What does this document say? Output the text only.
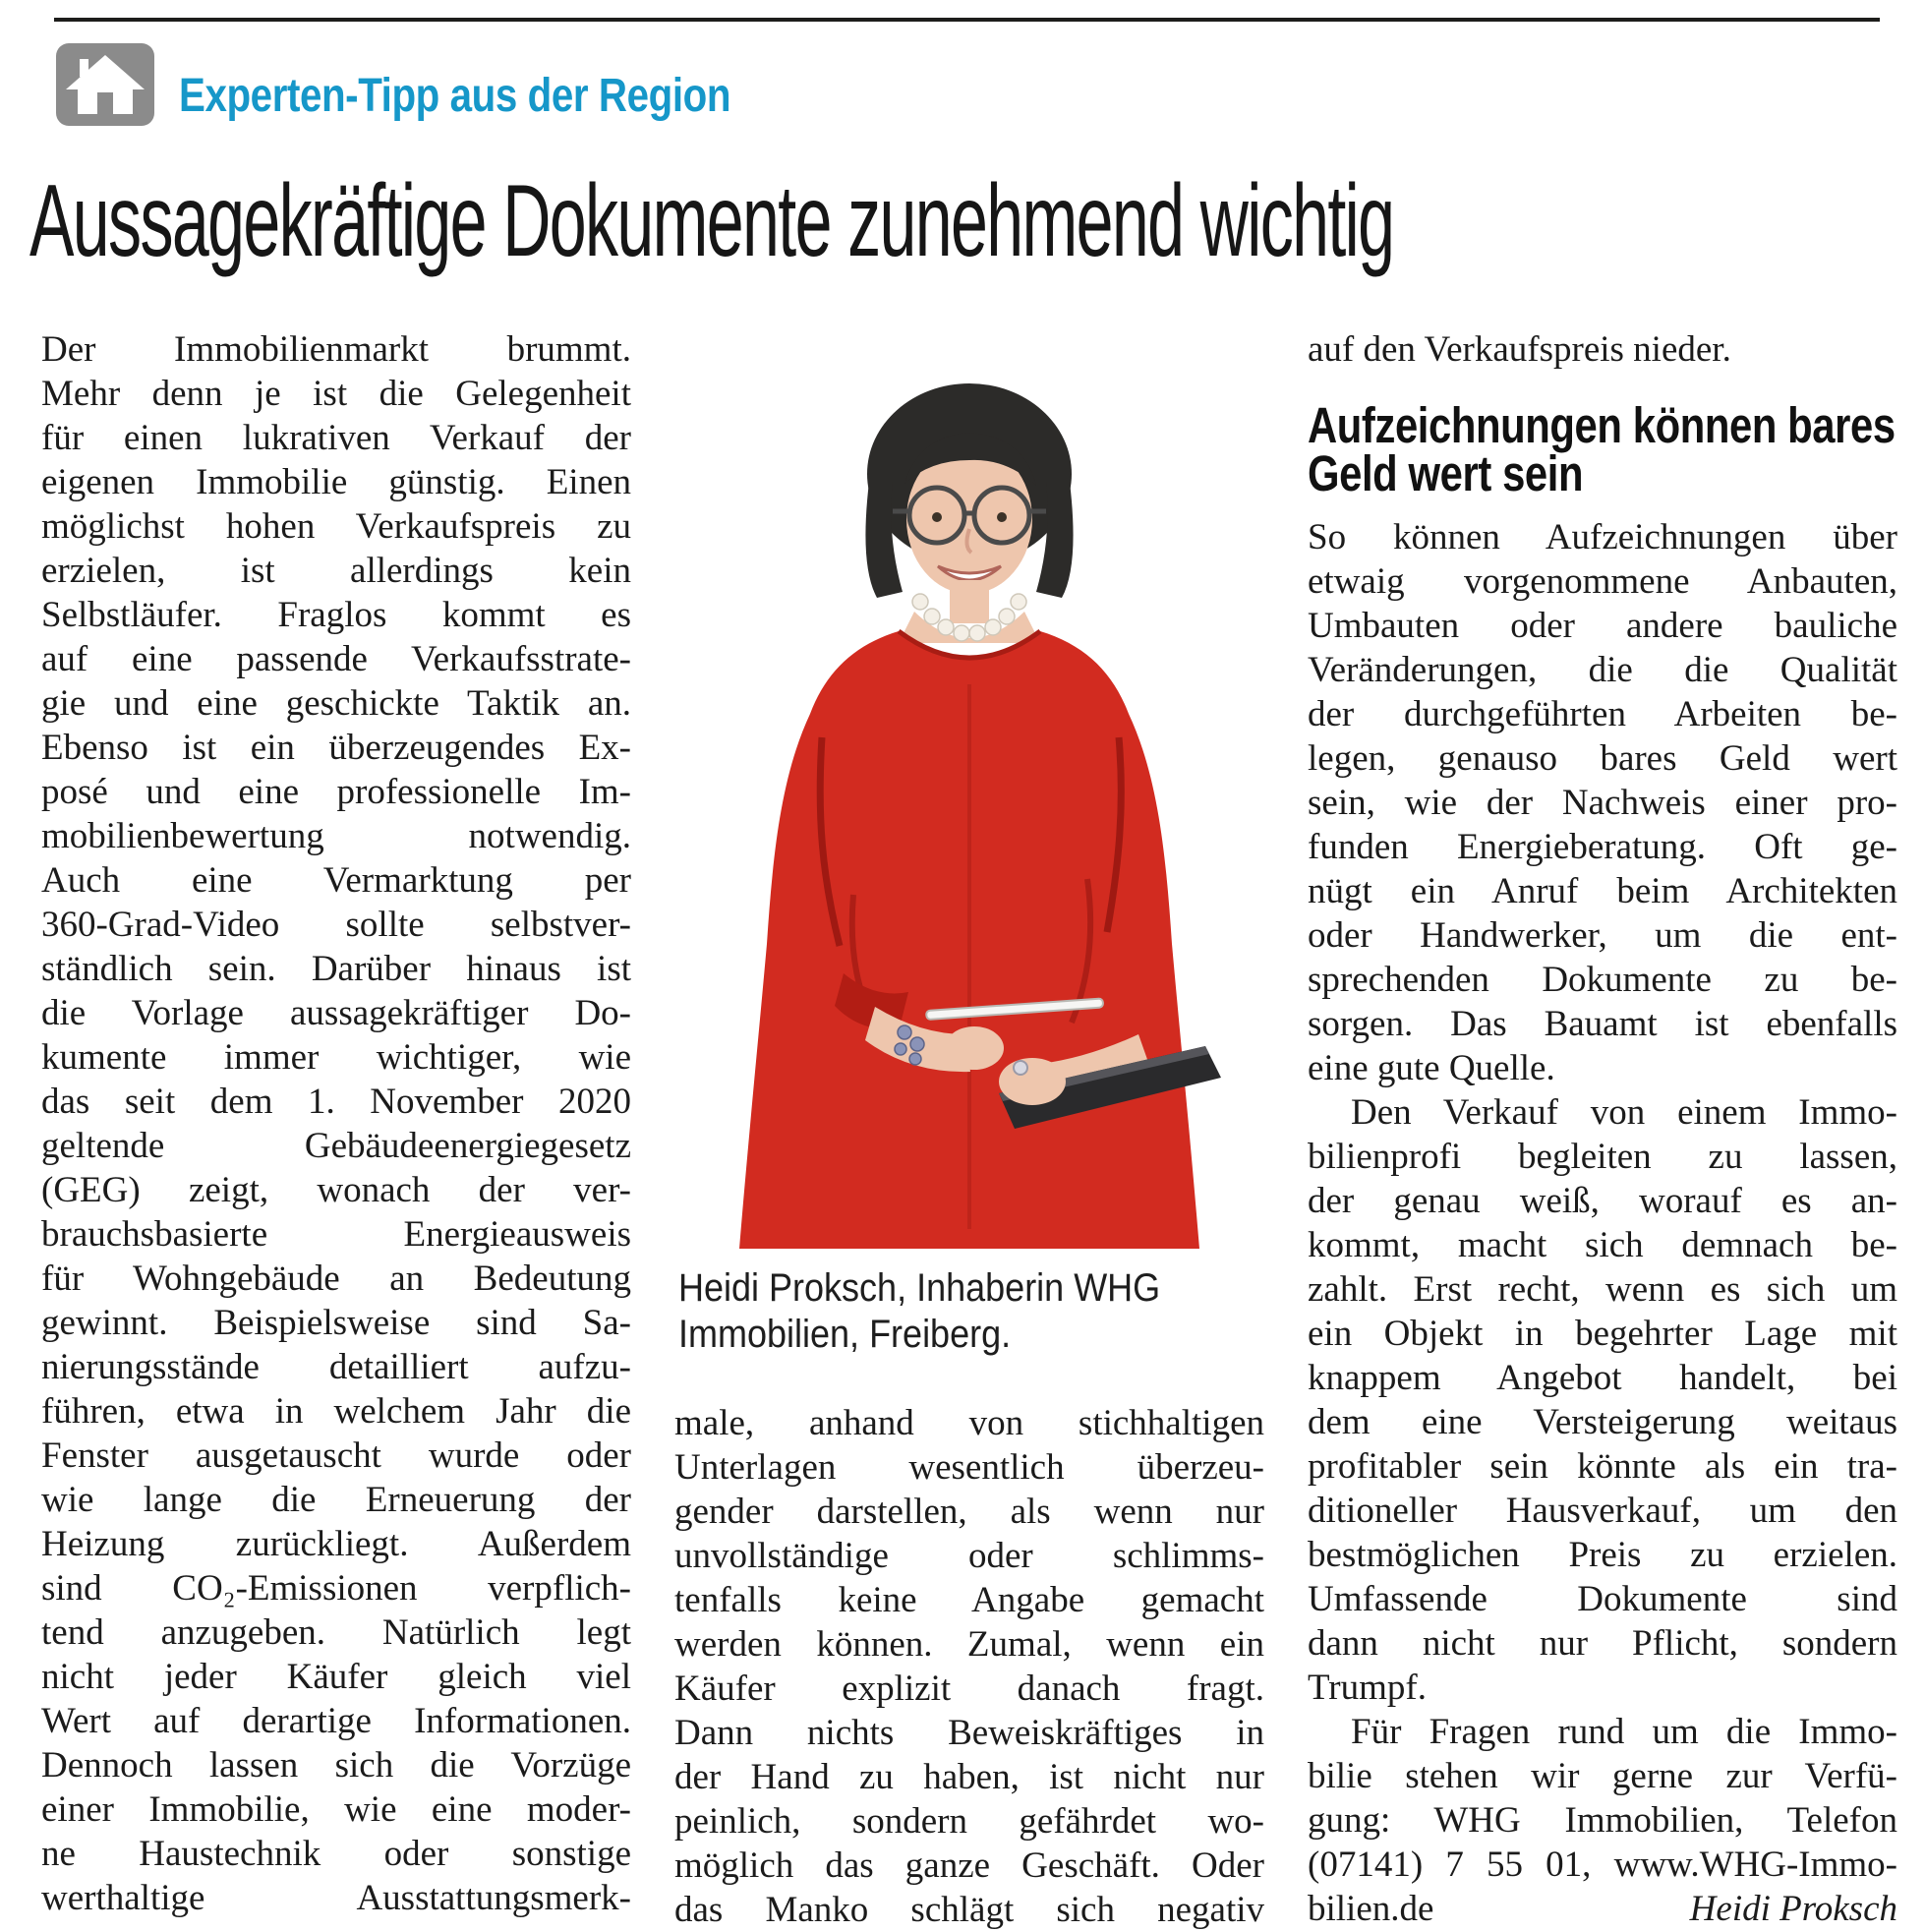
Experten-Tipp aus der Region
Aussagekräftige Dokumente zunehmend wichtig
Der Immobilienmarkt brummt.
Mehr denn je ist die Gelegenheit
für einen lukrativen Verkauf der
eigenen Immobilie günstig. Einen
möglichst hohen Verkaufspreis zu
erzielen, ist allerdings kein
Selbstläufer. Fraglos kommt es
auf eine passende Verkaufsstrate-
gie und eine geschickte Taktik an.
Ebenso ist ein überzeugendes Ex-
posé und eine professionelle Im-
mobilienbewertung notwendig.
Auch eine Vermarktung per
360-Grad-Video sollte selbstver-
ständlich sein. Darüber hinaus ist
die Vorlage aussagekräftiger Do-
kumente immer wichtiger, wie
das seit dem 1. November 2020
geltende Gebäudeenergiegesetz
(GEG) zeigt, wonach der ver-
brauchsbasierte Energieausweis
für Wohngebäude an Bedeutung
gewinnt. Beispielsweise sind Sa-
nierungsstände detailliert aufzu-
führen, etwa in welchem Jahr die
Fenster ausgetauscht wurde oder
wie lange die Erneuerung der
Heizung zurückliegt. Außerdem
sind CO₂-Emissionen verpflich-
tend anzugeben. Natürlich legt
nicht jeder Käufer gleich viel
Wert auf derartige Informationen.
Dennoch lassen sich die Vorzüge
einer Immobilie, wie eine moder-
ne Haustechnik oder sonstige
werthaltige Ausstattungsmerk-
Heidi Proksch, Inhaberin WHG
Immobilien, Freiberg.
male, anhand von stichhaltigen
Unterlagen wesentlich überzeu-
gender darstellen, als wenn nur
unvollständige oder schlimms-
tenfalls keine Angabe gemacht
werden können. Zumal, wenn ein
Käufer explizit danach fragt.
Dann nichts Beweiskräftiges in
der Hand zu haben, ist nicht nur
peinlich, sondern gefährdet wo-
möglich das ganze Geschäft. Oder
das Manko schlägt sich negativ
auf den Verkaufspreis nieder.
Aufzeichnungen können bares
Geld wert sein
So können Aufzeichnungen über
etwaig vorgenommene Anbauten,
Umbauten oder andere bauliche
Veränderungen, die die Qualität
der durchgeführten Arbeiten be-
legen, genauso bares Geld wert
sein, wie der Nachweis einer pro-
funden Energieberatung. Oft ge-
nügt ein Anruf beim Architekten
oder Handwerker, um die ent-
sprechenden Dokumente zu be-
sorgen. Das Bauamt ist ebenfalls
eine gute Quelle.
Den Verkauf von einem Immo-
bilienprofi begleiten zu lassen,
der genau weiß, worauf es an-
kommt, macht sich demnach be-
zahlt. Erst recht, wenn es sich um
ein Objekt in begehrter Lage mit
knappem Angebot handelt, bei
dem eine Versteigerung weitaus
profitabler sein könnte als ein tra-
ditioneller Hausverkauf, um den
bestmöglichen Preis zu erzielen.
Umfassende Dokumente sind
dann nicht nur Pflicht, sondern
Trumpf.
Für Fragen rund um die Immo-
bilie stehen wir gerne zur Verfü-
gung: WHG Immobilien, Telefon
(07141) 7 55 01, www.WHG-Immo-
bilien.de	Heidi Proksch
